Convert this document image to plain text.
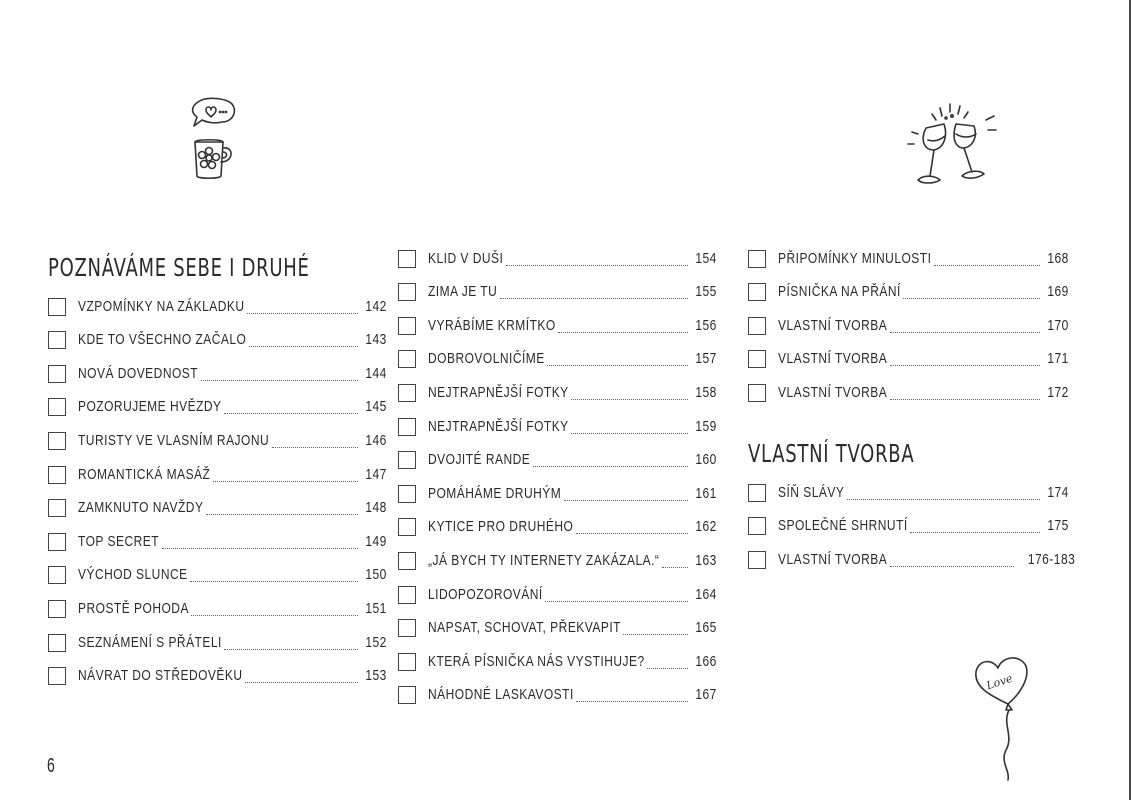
Love
POZNÁVÁME SEBE I DRUHÉ
VZPOMÍNKY NA ZÁKLADKU	142
KDE TO VŠECHNO ZAČALO	143
NOVÁ DOVEDNOST	144
POZORUJEME HVĚZDY	145
TURISTY VE VLASNÍM RAJONU	146
ROMANTICKÁ MASÁŽ	147
ZAMKNUTO NAVŽDY	148
TOP SECRET	149
VÝCHOD SLUNCE	150
PROSTĚ POHODA	151
SEZNÁMENÍ S PŘÁTELI	152
NÁVRAT DO STŘEDOVĚKU	153
KLID V DUŠI	154
ZIMA JE TU	155
VYRÁBÍME KRMÍTKO	156
DOBROVOLNIČÍME	157
NEJTRAPNĚJŠÍ FOTKY	158
NEJTRAPNĚJŠÍ FOTKY	159
DVOJITÉ RANDE	160
POMÁHÁME DRUHÝM	161
KYTICE PRO DRUHÉHO	162
„JÁ BYCH TY INTERNETY ZAKÁZALA.“	163
LIDOPOZOROVÁNÍ	164
NAPSAT, SCHOVAT, PŘEKVAPIT	165
KTERÁ PÍSNIČKA NÁS VYSTIHUJE?	166
NÁHODNÉ LASKAVOSTI	167
PŘIPOMÍNKY MINULOSTI	168
PÍSNIČKA NA PŘÁNÍ	169
VLASTNÍ TVORBA	170
VLASTNÍ TVORBA	171
VLASTNÍ TVORBA	172
VLASTNÍ TVORBA
SÍŇ SLÁVY	174
SPOLEČNÉ SHRNUTÍ	175
VLASTNÍ TVORBA	176-183
6
